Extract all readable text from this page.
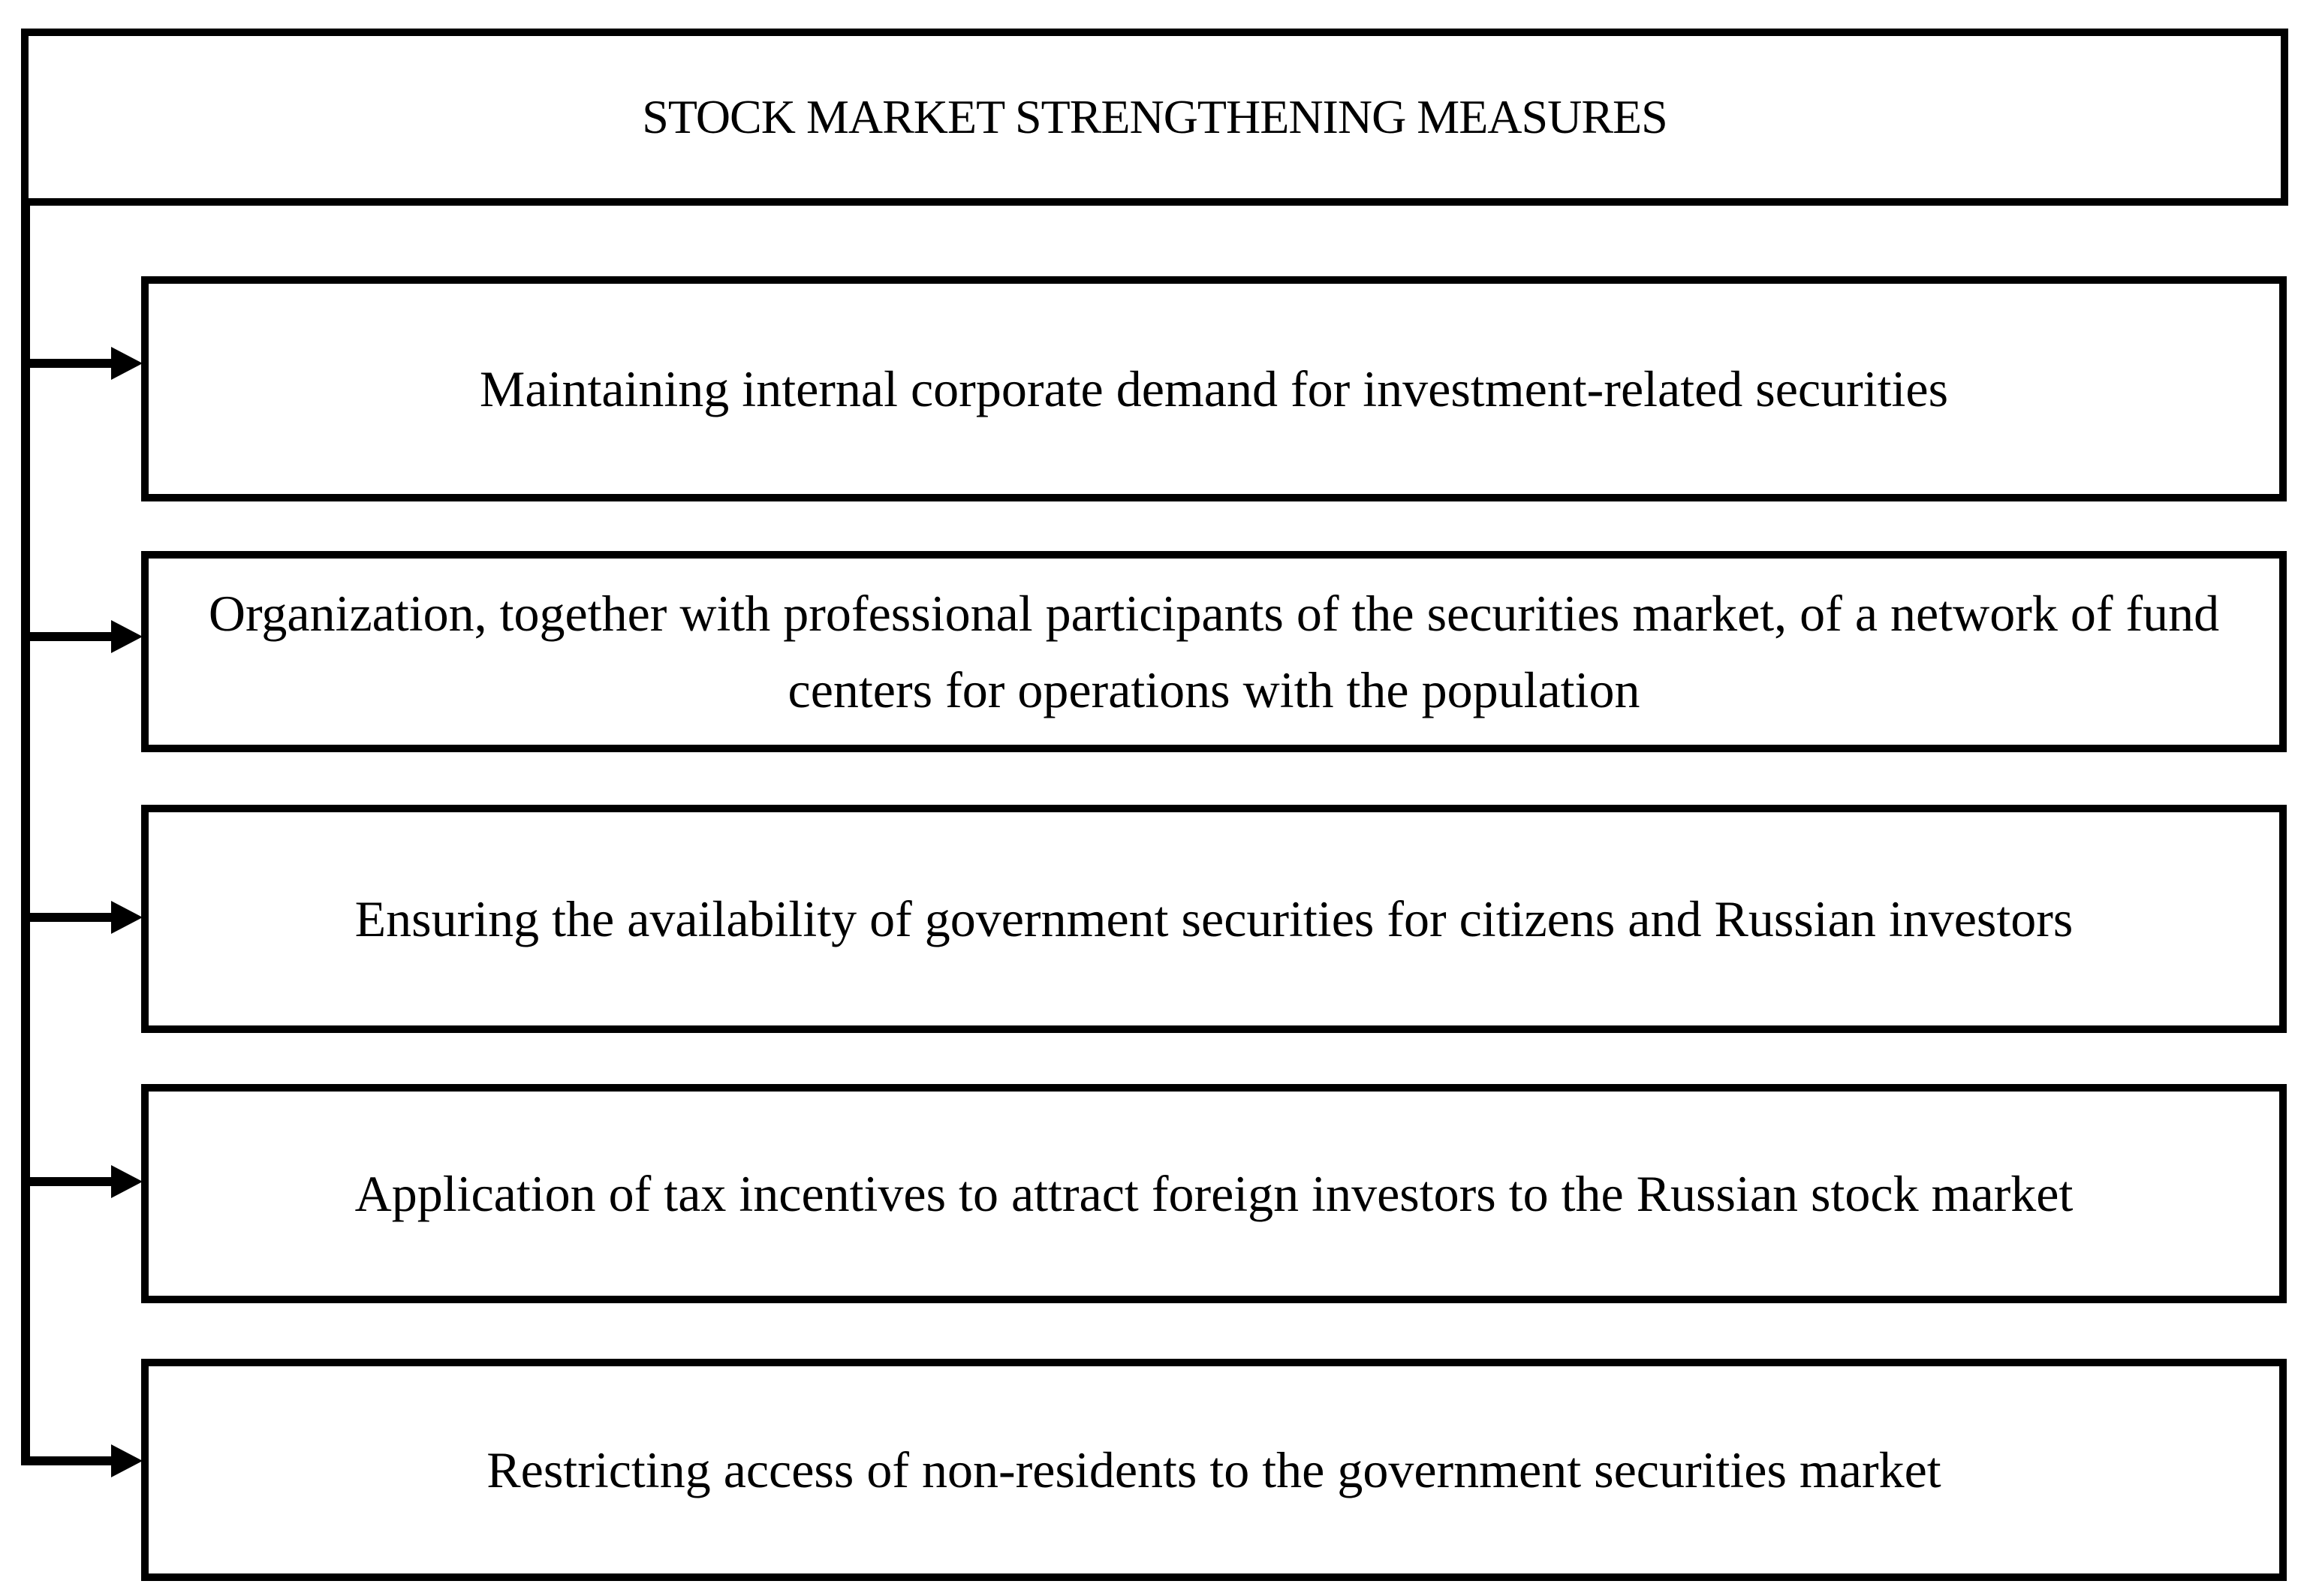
STOCK MARKET STRENGTHENING MEASURES
Maintaining internal corporate demand for investment-related securities
Organization, together with professional participants of the securities market, of a network of fund centers for operations with the population
Ensuring the availability of government securities for citizens and Russian investors
Application of tax incentives to attract foreign investors to the Russian stock market
Restricting access of non-residents to the government securities market
